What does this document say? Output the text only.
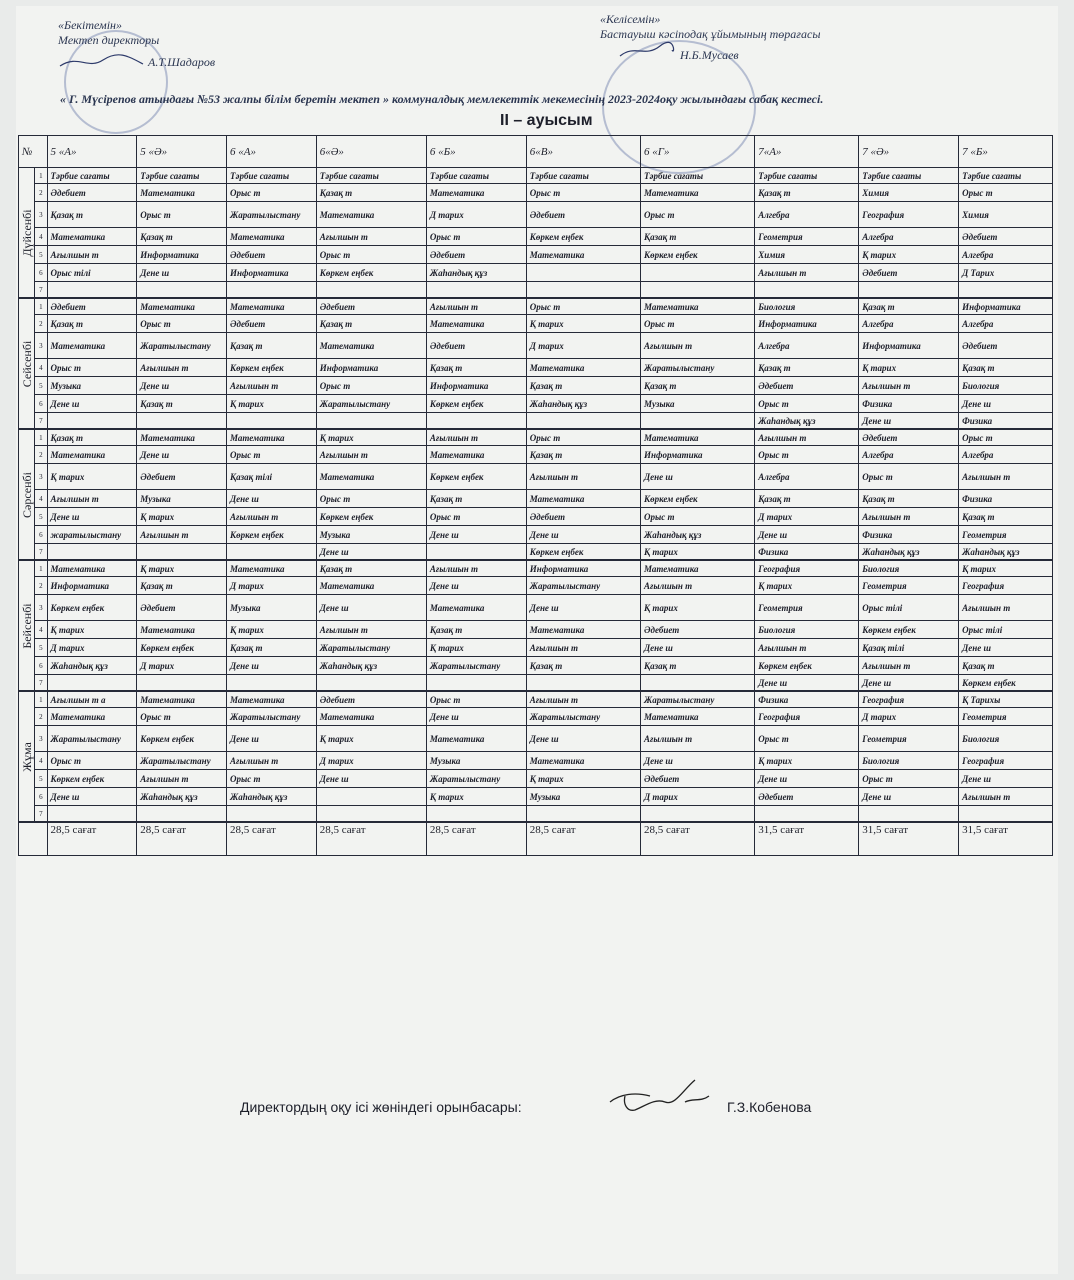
«Бекітемін»
Мектеп директоры
А.Т.Шадаров
«Келісемін»
Бастауыш кәсіподақ ұйымының төрағасы
Н.Б.Мусаев
« Г. Мүсірепов атындағы №53 жалпы білім беретін мектеп » коммуналдық мемлекеттік мекемесінің 2023-2024оқу жылындағы сабақ кестесі.
II – ауысым
№		5 «А»	5 «Ә»	6 «А»	6«Ә»	6 «Б»	6«В»	6 «Г»	7«А»	7 «Ә»	7 «Б»

Дүйсенбі	1	Тәрбие сағаты	Тәрбие сағаты	Тәрбие сағаты	Тәрбие сағаты	Тәрбие сағаты	Тәрбие сағаты	Тәрбие сағаты	Тәрбие сағаты	Тәрбие сағаты	Тәрбие сағаты
	2	Әдебиет	Математика	Орыс т	Қазақ т	Математика	Орыс т	Математика	Қазақ т	Химия	Орыс т
	3	Қазақ т	Орыс т	Жаратылыстану	Математика	Д тарих	Әдебиет	Орыс т	Алгебра	География	Химия
	4	Математика	Қазақ т	Математика	Ағылшын т	Орыс т	Көркем еңбек	Қазақ т	Геометрия	Алгебра	Әдебиет
	5	Ағылшын т	Информатика	Әдебиет	Орыс т	Әдебиет	Математика	Көркем еңбек	Химия	Қ тарих	Алгебра
	6	Орыс тілі	Дене ш	Информатика	Көркем еңбек	Жаһандық құз			Ағылшын т	Әдебиет	Д Тарих
	7										

Сейсенбі	1	Әдебиет	Математика	Математика	Әдебиет	Ағылшын т	Орыс т	Математика	Биология	Қазақ т	Информатика
	2	Қазақ т	Орыс т	Әдебиет	Қазақ т	Математика	Қ тарих	Орыс т	Информатика	Алгебра	Алгебра
	3	Математика	Жаратылыстану	Қазақ т	Математика	Әдебиет	Д тарих	Ағылшын т	Алгебра	Информатика	Әдебиет
	4	Орыс т	Ағылшын т	Көркем еңбек	Информатика	Қазақ т	Математика	Жаратылыстану	Қазақ т	Қ тарих	Қазақ т
	5	Музыка	Дене ш	Ағылшын т	Орыс т	Информатика	Қазақ т	Қазақ т	Әдебиет	Ағылшын т	Биология
	6	Дене ш	Қазақ т	Қ тарих	Жаратылыстану	Көркем еңбек	Жаһандық құз	Музыка	Орыс т	Физика	Дене ш
	7								Жаһандық құз	Дене ш	Физика

Сәрсенбі	1	Қазақ т	Математика	Математика	Қ тарих	Ағылшын т	Орыс т	Математика	Ағылшын т	Әдебиет	Орыс т
	2	Математика	Дене ш	Орыс т	Ағылшын т	Математика	Қазақ т	Информатика	Орыс т	Алгебра	Алгебра
	3	Қ тарих	Әдебиет	Қазақ тілі	Математика	Көркем еңбек	Ағылшын т	Дене ш	Алгебра	Орыс т	Ағылшын т
	4	Ағылшын т	Музыка	Дене ш	Орыс т	Қазақ т	Математика	Көркем еңбек	Қазақ т	Қазақ т	Физика
	5	Дене ш	Қ тарих	Ағылшын т	Көркем еңбек	Орыс т	Әдебиет	Орыс т	Д тарих	Ағылшын т	Қазақ т
	6	жаратылыстану	Ағылшын т	Көркем еңбек	Музыка	Дене ш	Дене ш	Жаһандық құз	Дене ш	Физика	Геометрия
	7				Дене ш		Көркем еңбек	Қ тарих	Физика	Жаһандық құз	Жаһандық құз

Бейсенбі	1	Математика	Қ тарих	Математика	Қазақ т	Ағылшын т	Информатика	Математика	География	Биология	Қ тарих
	2	Информатика	Қазақ т	Д тарих	Математика	Дене ш	Жаратылыстану	Ағылшын т	Қ тарих	Геометрия	География
	3	Көркем еңбек	Әдебиет	Музыка	Дене ш	Математика	Дене ш	Қ тарих	Геометрия	Орыс тілі	Ағылшын т
	4	Қ тарих	Математика	Қ тарих	Ағылшын т	Қазақ т	Математика	Әдебиет	Биология	Көркем еңбек	Орыс тілі
	5	Д тарих	Көркем еңбек	Қазақ т	Жаратылыстану	Қ тарих	Ағылшын т	Дене ш	Ағылшын т	Қазақ тілі	Дене ш
	6	Жаһандық құз	Д тарих	Дене ш	Жаһандық құз	Жаратылыстану	Қазақ т	Қазақ т	Көркем еңбек	Ағылшын т	Қазақ т
	7								Дене ш	Дене ш	Көркем еңбек

Жұма	1	Ағылшын т а	Математика	Математика	Әдебиет	Орыс т	Ағылшын т	Жаратылыстану	Физика	География	Қ Тарихы
	2	Математика	Орыс т	Жаратылыстану	Математика	Дене ш	Жаратылыстану	Математика	География	Д тарих	Геометрия
	3	Жаратылыстану	Көркем еңбек	Дене ш	Қ тарих	Математика	Дене ш	Ағылшын т	Орыс т	Геометрия	Биология
	4	Орыс т	Жаратылыстану	Ағылшын т	Д тарих	Музыка	Математика	Дене ш	Қ тарих	Биология	География
	5	Көркем еңбек	Ағылшын т	Орыс т	Дене ш	Жаратылыстану	Қ тарих	Әдебиет	Дене ш	Орыс т	Дене ш
	6	Дене ш	Жаһандық құз	Жаһандық құз		Қ тарих	Музыка	Д тарих	Әдебиет	Дене ш	Ағылшын т
	7										
		28,5 сағат	28,5 сағат	28,5 сағат	28,5 сағат	28,5 сағат	28,5 сағат	28,5 сағат	31,5 сағат	31,5 сағат	31,5 сағат
Директордың оқу ісі жөніндегі орынбасары:	Г.З.Кобенова
